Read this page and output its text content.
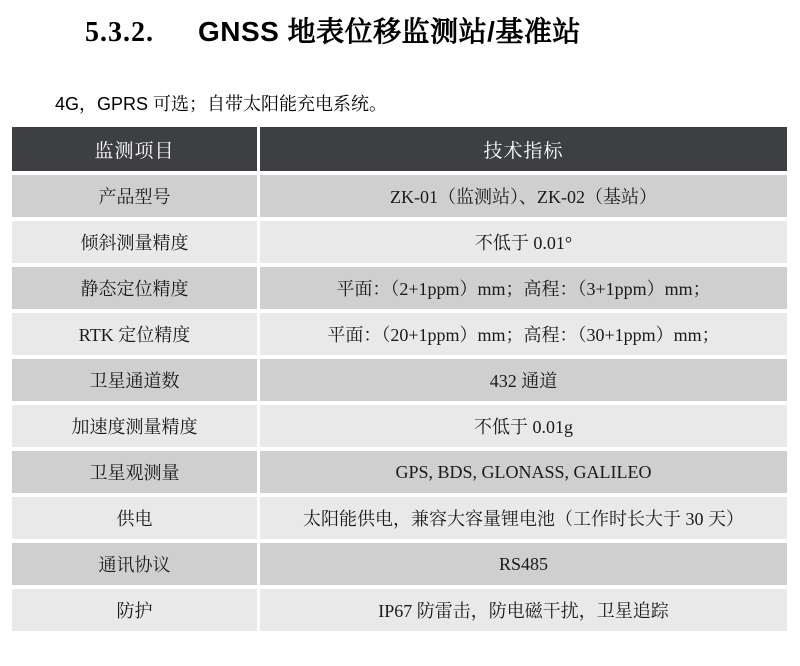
5.3.2. GNSS 地表位移监测站/基准站

4G，GPRS 可选；自带太阳能充电系统。

监测项目	技术指标
产品型号	ZK-01（监测站）、ZK-02（基站）
倾斜测量精度	不低于 0.01°
静态定位精度	平面：（2+1ppm）mm；高程：（3+1ppm）mm；
RTK 定位精度	平面：（20+1ppm）mm；高程：（30+1ppm）mm；
卫星通道数	432 通道
加速度测量精度	不低于 0.01g
卫星观测量	GPS, BDS, GLONASS, GALILEO
供电	太阳能供电，兼容大容量锂电池（工作时长大于 30 天）
通讯协议	RS485
防护	IP67 防雷击，防电磁干扰，卫星追踪
